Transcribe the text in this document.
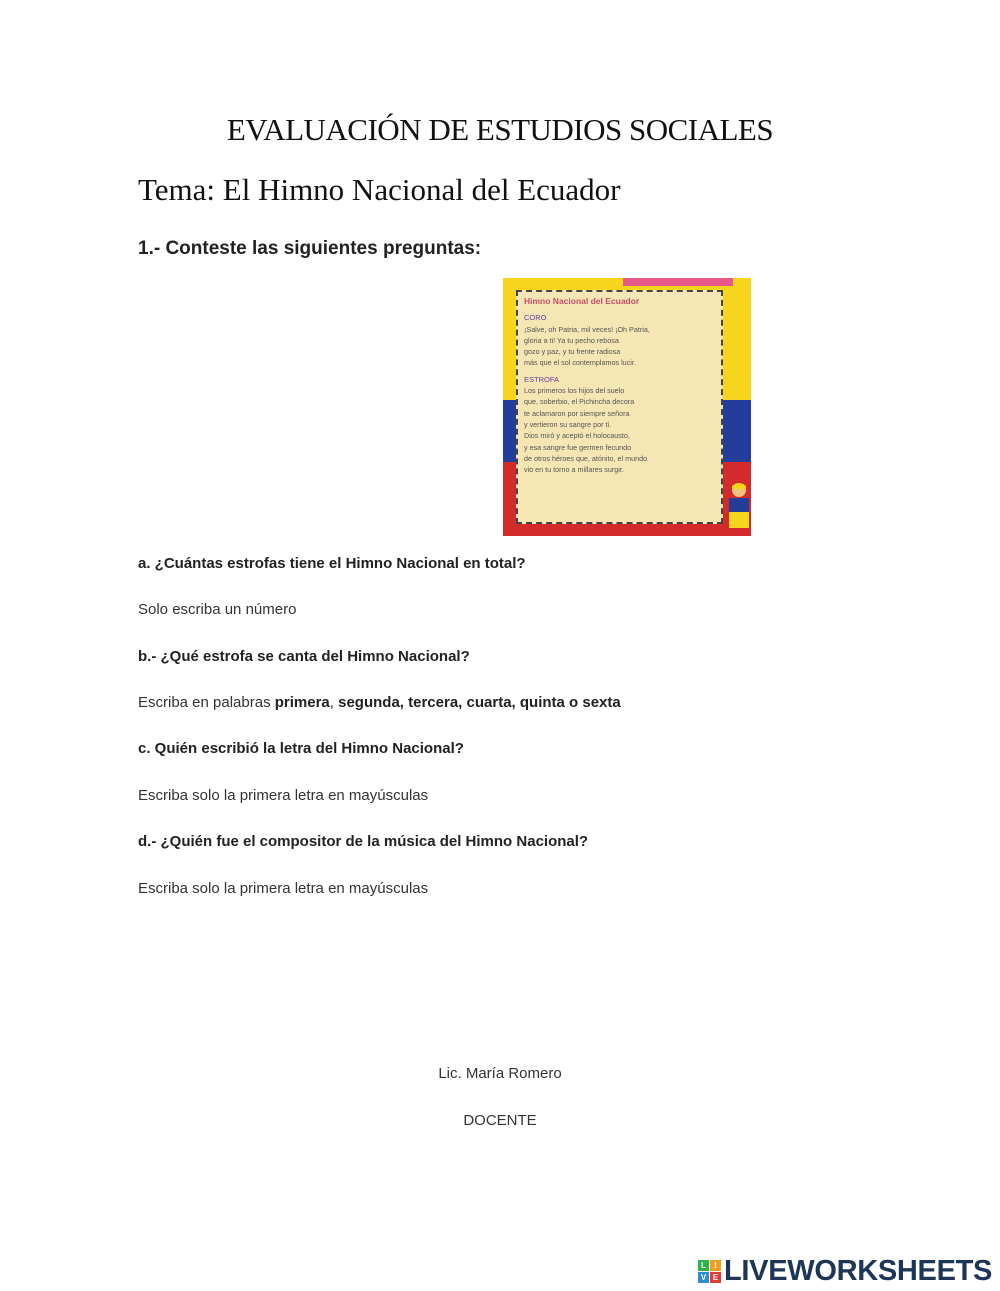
EVALUACIÓN DE ESTUDIOS SOCIALES
Tema: El Himno Nacional del Ecuador
1.- Conteste las siguientes preguntas:
Himno Nacional del Ecuador
CORO
¡Salve, oh Patria, mil veces! ¡Oh Patria,
gloria a ti! Ya tu pecho rebosa
gozo y paz, y tu frente radiosa
más que el sol contemplamos lucir.
ESTROFA
Los primeros los hijos del suelo
que, soberbio, el Pichincha decora
te aclamaron por siempre señora
y vertieron su sangre por ti.
Dios miró y aceptó el holocausto,
y esa sangre fue germen fecundo
de otros héroes que, atónito, el mundo
vio en tu torno a millares surgir.
a. ¿Cuántas estrofas tiene el Himno Nacional en total?
Solo escriba un número
b.- ¿Qué estrofa se canta del Himno Nacional?
Escriba en palabras primera, segunda, tercera, cuarta, quinta o sexta
c. Quién escribió la letra del Himno Nacional?
Escriba solo la primera letra en mayúsculas
d.- ¿Quién fue el compositor de la música del Himno Nacional?
Escriba solo la primera letra en mayúsculas
Lic. María Romero
DOCENTE
L	I
V E LIVEWORKSHEETS
